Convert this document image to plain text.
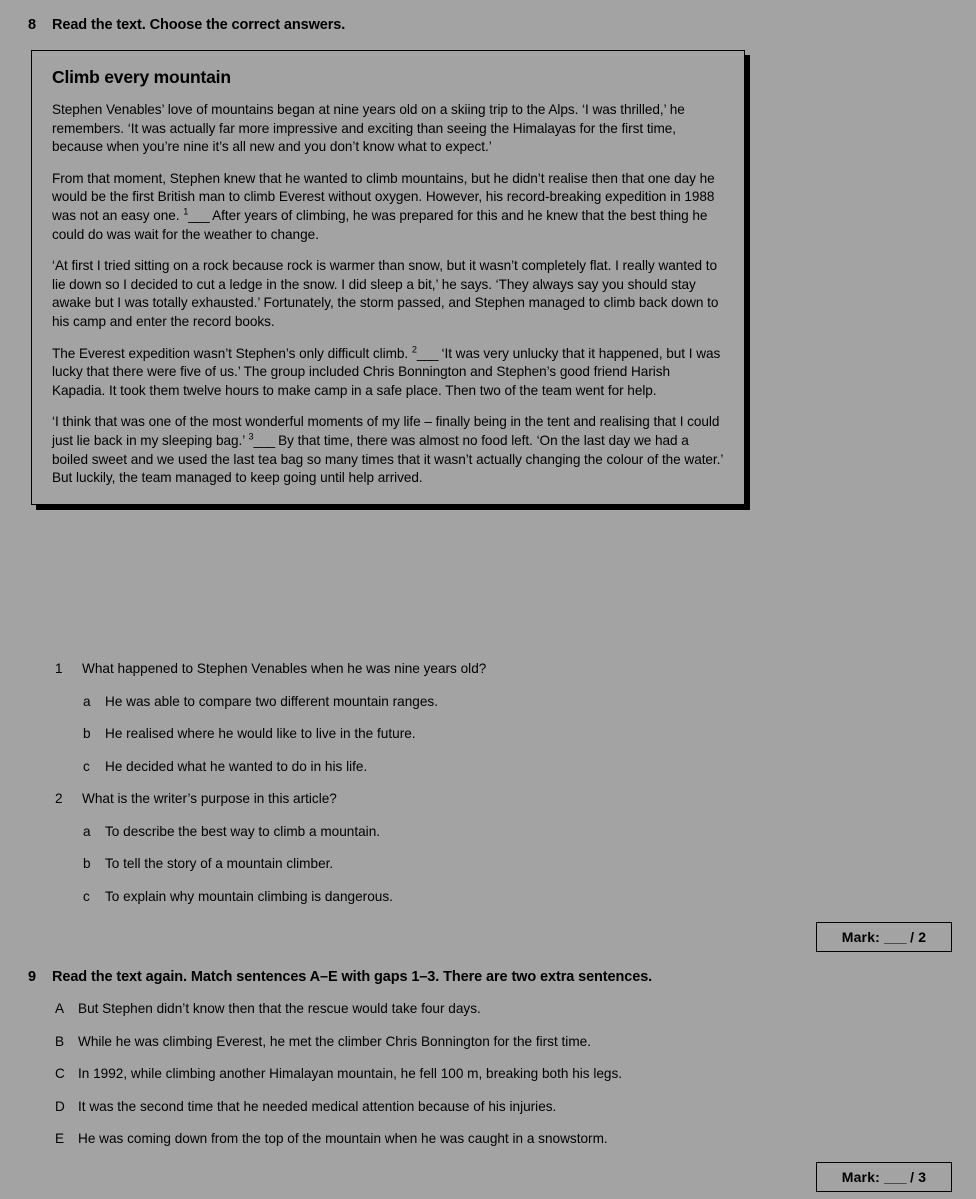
8	Read the text. Choose the correct answers.
Climb every mountain

Stephen Venables’ love of mountains began at nine years old on a skiing trip to the Alps. ‘I was thrilled,’ he remembers. ‘It was actually far more impressive and exciting than seeing the Himalayas for the first time, because when you’re nine it’s all new and you don’t know what to expect.’

From that moment, Stephen knew that he wanted to climb mountains, but he didn’t realise then that one day he would be the first British man to climb Everest without oxygen. However, his record-breaking expedition in 1988 was not an easy one. $^1$___ After years of climbing, he was prepared for this and he knew that the best thing he could do was wait for the weather to change.

‘At first I tried sitting on a rock because rock is warmer than snow, but it wasn’t completely flat. I really wanted to lie down so I decided to cut a ledge in the snow. I did sleep a bit,’ he says. ‘They always say you should stay awake but I was totally exhausted.’ Fortunately, the storm passed, and Stephen managed to climb back down to his camp and enter the record books.

The Everest expedition wasn’t Stephen’s only difficult climb. $^2$___ ‘It was very unlucky that it happened, but I was lucky that there were five of us.’ The group included Chris Bonnington and Stephen’s good friend Harish Kapadia. It took them twelve hours to make camp in a safe place. Then two of the team went for help.

‘I think that was one of the most wonderful moments of my life – finally being in the tent and realising that I could just lie back in my sleeping bag.’ $^3$___ By that time, there was almost no food left. ‘On the last day we had a boiled sweet and we used the last tea bag so many times that it wasn’t actually changing the colour of the water.’ But luckily, the team managed to keep going until help arrived.

1	What happened to Stephen Venables when he was nine years old?
a	He was able to compare two different mountain ranges.
b	He realised where he would like to live in the future.
c	He decided what he wanted to do in his life.
2	What is the writer’s purpose in this article?
a	To describe the best way to climb a mountain.
b	To tell the story of a mountain climber.
c	To explain why mountain climbing is dangerous.
Mark:
___
/ 2
9	Read the text again. Match sentences A–E with gaps 1–3. There are two extra sentences.
A	But Stephen didn’t know then that the rescue would take four days.
B	While he was climbing Everest, he met the climber Chris Bonnington for the first time.
C In 1992, while climbing another Himalayan mountain, he fell 100 m, breaking both his legs.
D It was the second time that he needed medical attention because of his injuries.
E	He was coming down from the top of the mountain when he was caught in a snowstorm.
Mark:
___
/ 3
